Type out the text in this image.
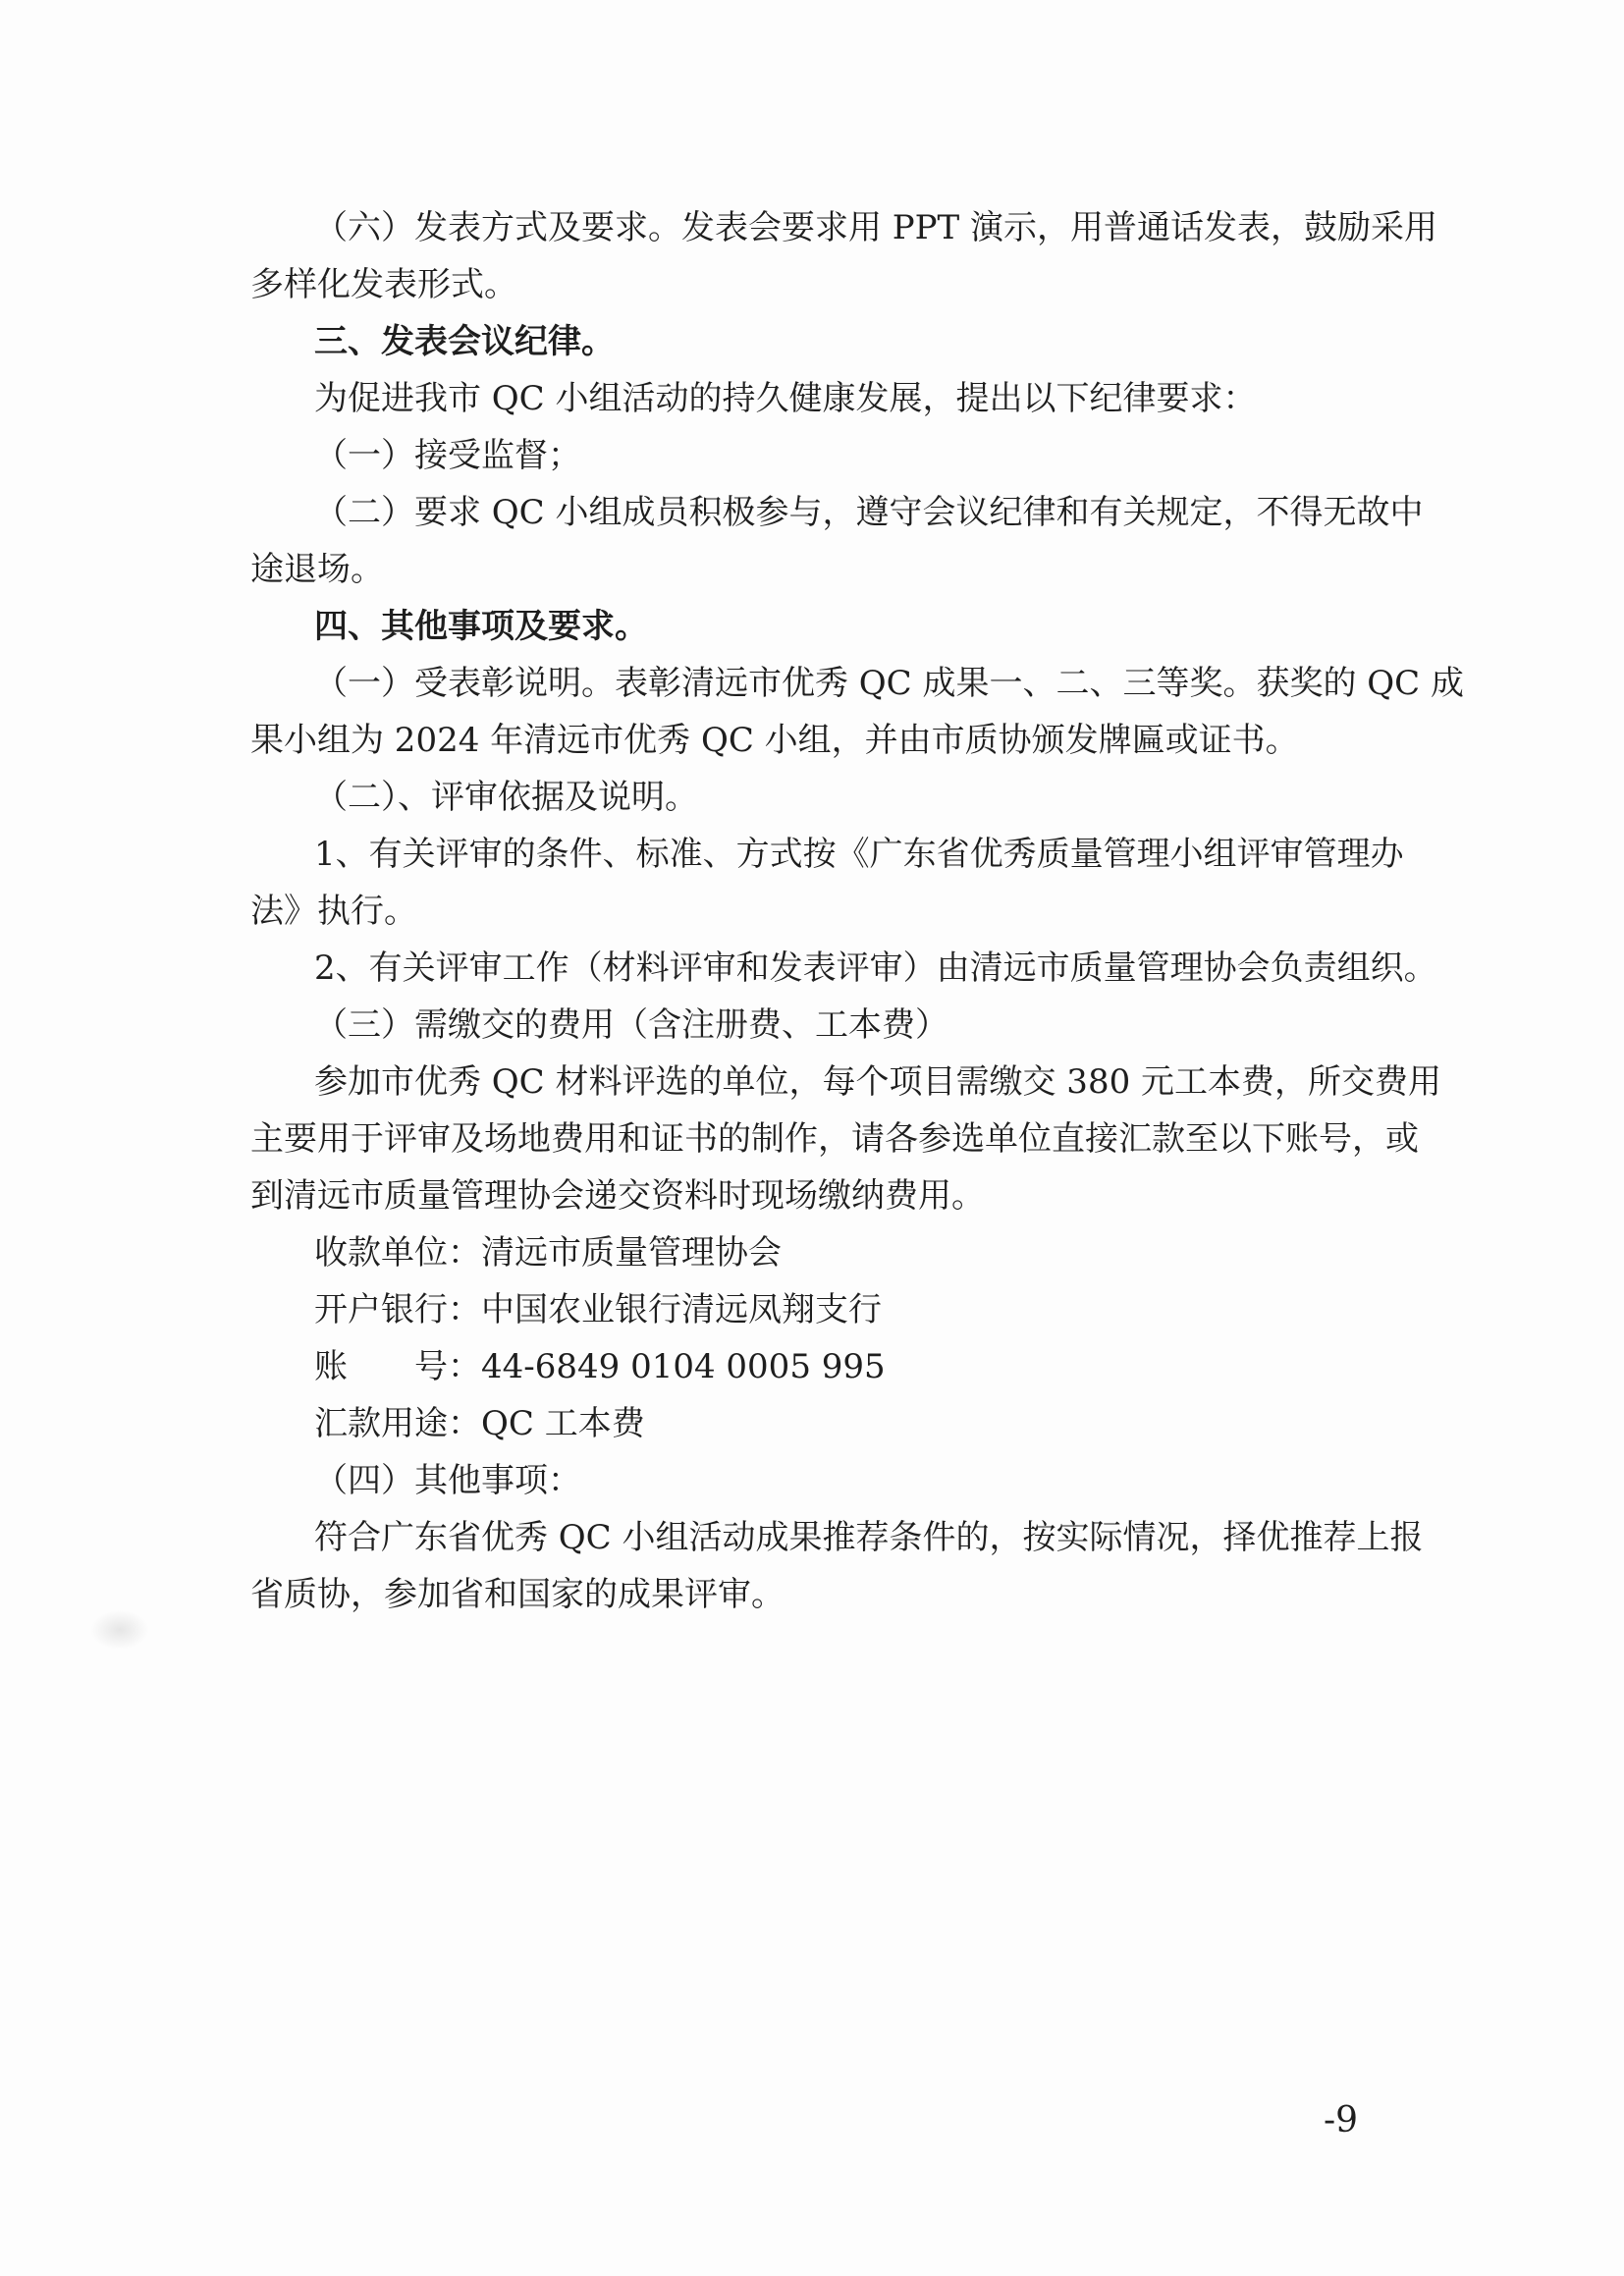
（六）发表方式及要求。发表会要求用 PPT 演示，用普通话发表，鼓励采用
多样化发表形式。
三、发表会议纪律。
为促进我市 QC 小组活动的持久健康发展，提出以下纪律要求：
（一）接受监督；
（二）要求 QC 小组成员积极参与，遵守会议纪律和有关规定，不得无故中
途退场。
四、其他事项及要求。
（一）受表彰说明。表彰清远市优秀 QC 成果一、二、三等奖。获奖的 QC 成
果小组为 2024 年清远市优秀 QC 小组，并由市质协颁发牌匾或证书。
（二）、评审依据及说明。
1、有关评审的条件、标准、方式按《广东省优秀质量管理小组评审管理办
法》执行。
2、有关评审工作（材料评审和发表评审）由清远市质量管理协会负责组织。
（三）需缴交的费用（含注册费、工本费）
参加市优秀 QC 材料评选的单位，每个项目需缴交 380 元工本费，所交费用
主要用于评审及场地费用和证书的制作，请各参选单位直接汇款至以下账号，或
到清远市质量管理协会递交资料时现场缴纳费用。
收款单位：清远市质量管理协会
开户银行：中国农业银行清远凤翔支行
账　　号：44-6849 0104 0005 995
汇款用途：QC 工本费
（四）其他事项：
符合广东省优秀 QC 小组活动成果推荐条件的，按实际情况，择优推荐上报
省质协，参加省和国家的成果评审。
-9
